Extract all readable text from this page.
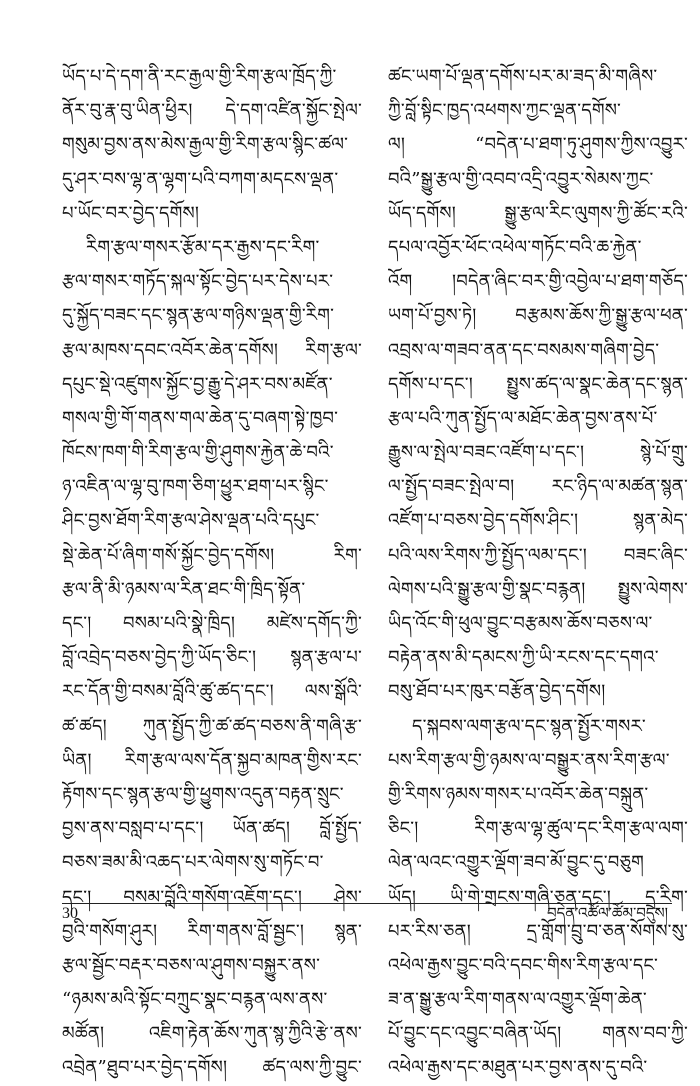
ཡོད་པ་དེ་དག་ནི་རང་རྒྱལ་གྱི་རིག་རྩལ་ཁྲོད་ཀྱི་
ནོར་བུ་རྣ་བུ་ཡིན་ཕྱིར། དེ་དག་འཛིན་སྐྱོང་སྤེལ་
གསུམ་བྱས་ནས་མེས་རྒྱལ་གྱི་རིག་རྩལ་སྙིང་ཚལ་
དུ་ཤར་བས་ལྷ་ན་ལྷག་པའི་བཀག་མདངས་ལྡན་
པ་ཡོང་བར་བྱེད་དགོས།
རིག་རྩལ་གསར་རྩོམ་དར་རྒྱས་དང་རིག་
རྩལ་གསར་གཏོད་སྐལ་སྟོང་བྱེད་པར་དེས་པར་
དུ་སྐྱོད་བཟང་དང་སྙན་རྩལ་གཉིས་ལྡན་གྱི་རིག་
རྩལ་མཁས་དབང་འབོར་ཆེན་དགོས། རིག་རྩལ་
དཔུང་སྡེ་འཛུགས་སྐྱོང་བྱ་རྒྱུ་དེ་ཤར་བས་མཛོན་
གསལ་གྱི་གོ་གནས་གལ་ཆེན་དུ་བཞག་སྟེ་ཁྱབ་
ཁོངས་ཁག་གི་རིག་རྩལ་གྱི་ཤུགས་རྐྱེན་ཆེ་བའི་
ཉ་འཇིན་ལ་ལྷ་བུ་ཁག་ཅིག་ཕྱུར་ཐག་པར་སྙིང་
ཤིང་བྱས་ཐོག་རིག་རྩལ་ཤེས་ལྡན་པའི་དཔུང་
སྡེ་ཆེན་པོ་ཞིག་གསོ་སྐྱོང་བྱེད་དགོས། རིག་
རྩལ་ནི་མི་ཉམས་ལ་རིན་ཐང་གི་ཁྲིད་སྟོན་
དང་། བསམ་པའི་སྣེ་ཁྲིད། མཛེས་དགོད་ཀྱི་
བློ་འབྲེད་བཅས་བྱེད་ཀྱི་ཡོད་ཅིང་། སྙན་རྩལ་པ་
རང་དོན་གྱི་བསམ་བློའི་ཚུ་ཚད་དང་། ལས་སྒོའི་
ཚ་ཚད། ཀུན་སྤྱོད་ཀྱི་ཚ་ཚད་བཅས་ནི་གཞི་རྩ་
ཡིན། རིག་རྩལ་ལས་དོན་སྐྱབ་མཁན་གྱིས་རང་
རྟོགས་དང་སྙན་རྩལ་གྱི་ཕྱུགས་འདུན་བརྟན་སྲུང་
བྱས་ནས་བསླབ་པ་དང་། ཡོན་ཚད། བློ་སྤྱོད་
བཅས་ཟམ་མི་འཆད་པར་ལེགས་སུ་གཏོང་བ་
དང་། བསམ་བློའི་གསོག་འཇོག་དང་། ཤེས་
བྱའི་གསོག་ཤུར། རིག་གནས་བློ་སྦྱང་། སྙན་
རྩལ་སྦྱོང་བརྡར་བཅས་ལ་ཤུགས་བསྐྱུར་ནས་
“ཉམས་མའི་སྟོང་བཀྲུང་སྣང་བརྙན་ལས་ནས་
མཚོན། འཇིག་རྟེན་ཆོས་ཀུན་སྙ་ཀྱིའི་རྩེ་ནས་
འབྲེན”ཐུབ་པར་བྱེད་དགོས། ཚད་ལས་ཀྱི་བྱུང་
ཚང་ཡག་པོ་ལྡན་དགོས་པར་མ་ཟད་མི་གཞིས་
ཀྱི་བློ་སྟིང་ཁྱད་འཕགས་ཀྱང་ལྡན་དགོས་
ལ། “བདེན་པ་ཐག་ཏུ་ཤུགས་ཀྱིས་འབྱུར་
བའི”སྒྱུ་རྩལ་གྱི་འབབ་འདྲི་འབྱུར་སེམས་ཀྱང་
ཡོད་དགོས། སྒྱུ་རྩལ་རིང་ལུགས་ཀྱི་ཚོང་རའི་
དཔལ་འབྱོར་ཕོང་འཕེལ་གཏོང་བའི་ཆ་རྐྱེན་
འོག །བདེན་ཞིང་བར་གྱི་འབྱེལ་པ་ཐག་གཅོད་
ཡག་པོ་བྱས་ཏེ། བརྩམས་ཆོས་ཀྱི་སྒྱུ་རྩལ་ཕན་
འབྲས་ལ་གཟབ་ནན་དང་བསམས་གཞིག་བྱེད་
དགོས་པ་དང་། སྤྱུས་ཚད་ལ་སྣང་ཆེན་དང་སྙན་
རྩལ་པའི་ཀུན་སྤྱོད་ལ་མཐོང་ཆེན་བྱས་ནས་པོ་
རྒྱུས་ལ་སྤེལ་བཟང་འཛོག་པ་དང་། སྙེ་པོ་གྲུ་
ལ་སྤྱོད་བཟང་སྤེལ་བ། རང་ཉིད་ལ་མཚན་སྙན་
འཛོག་པ་བཅས་བྱེད་དགོས་ཤིང་། སྙན་མེད་
པའི་ལས་རིགས་ཀྱི་སྤྱོད་ལམ་དང་། བཟང་ཞིང་
ལེགས་པའི་སྒྱུ་རྩལ་གྱི་སྣང་བརྙན། སྤྱུས་ལེགས་
ཡིད་འོང་གི་ཕུལ་བྱུང་བརྩམས་ཆོས་བཅས་ལ་
བརྟེན་ནས་མི་དམངས་ཀྱི་ཡི་རངས་དང་དགའ་
བསུ་ཐོབ་པར་ཁུར་བརྩོན་བྱེད་དགོས།
ད་སྐབས་ལག་རྩལ་དང་སྙན་སྤྱོར་གསར་
པས་རིག་རྩལ་གྱི་ཉམས་ལ་བསྒྱུར་ནས་རིག་རྩལ་
གྱི་རིགས་ཉམས་གསར་པ་འབོར་ཆེན་བསྐྲུན་
ཅིང་། རིག་རྩལ་ལྷ་ཚུལ་དང་རིག་རྩལ་ལག་
ལེན་ལའང་འགྱུར་ལྡོག་ཟབ་མོ་བྱུང་དུ་བཅུག
ཡོད། ཡི་གེ་གྲངས་གཞི་ཅན་དང་། དྲ་རིག་
པར་རིས་ཅན། དྲ་གློག་བྲུ་བ་ཅན་སོགས་སུ་
འཕེལ་རྒྱས་བྱུང་བའི་དབང་གིས་རིག་རྩལ་དང་
ཟ་ན་སྒྱུ་རྩལ་རིག་གནས་ལ་འགྱུར་ལྡོག་ཆེན་
པོ་བྱུང་དང་འབྱུང་བཞིན་ཡོད། གནས་བབ་ཀྱི་
འཕེལ་རྒྱས་དང་མཐུན་པར་བྱས་ནས་དུ་བའི་
30	བདེན་འཚོལ་ཚོམ་བདུས།
